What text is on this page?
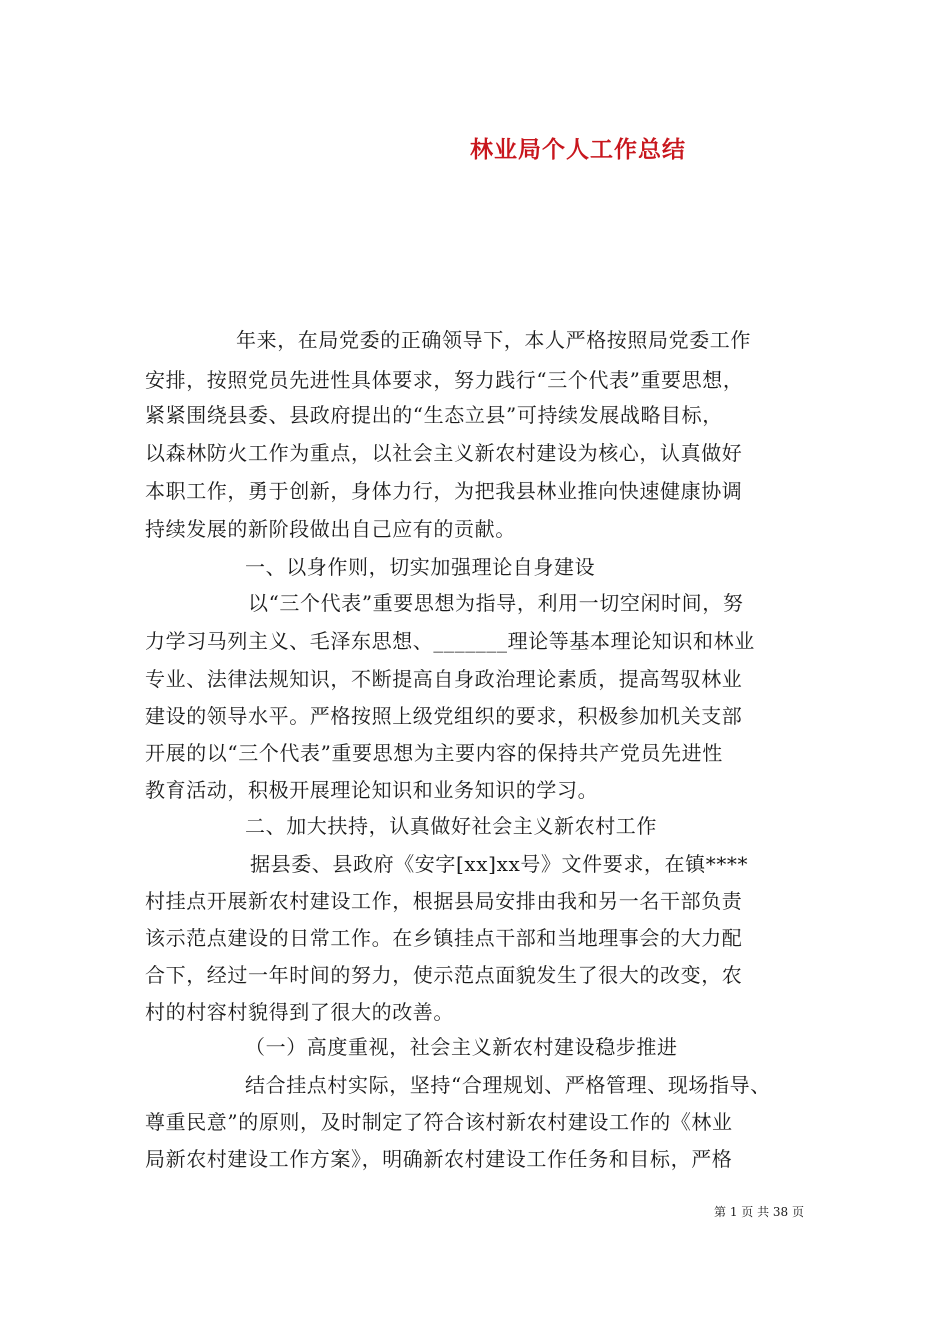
林业局个人工作总结
年来，在局党委的正确领导下，本人严格按照局党委工作
安排，按照党员先进性具体要求，努力践行“三个代表”重要思想，
紧紧围绕县委、县政府提出的“生态立县”可持续发展战略目标，
以森林防火工作为重点，以社会主义新农村建设为核心，认真做好
本职工作，勇于创新，身体力行，为把我县林业推向快速健康协调
持续发展的新阶段做出自己应有的贡献。
一、以身作则，切实加强理论自身建设
以“三个代表”重要思想为指导，利用一切空闲时间，努
力学习马列主义、毛泽东思想、_______理论等基本理论知识和林业
专业、法律法规知识，不断提高自身政治理论素质，提高驾驭林业
建设的领导水平。严格按照上级党组织的要求，积极参加机关支部
开展的以“三个代表”重要思想为主要内容的保持共产党员先进性
教育活动，积极开展理论知识和业务知识的学习。
二、加大扶持，认真做好社会主义新农村工作
据县委、县政府《安字[xx]xx号》文件要求，在镇****
村挂点开展新农村建设工作，根据县局安排由我和另一名干部负责
该示范点建设的日常工作。在乡镇挂点干部和当地理事会的大力配
合下，经过一年时间的努力，使示范点面貌发生了很大的改变，农
村的村容村貌得到了很大的改善。
（一）高度重视，社会主义新农村建设稳步推进
结合挂点村实际，坚持“合理规划、严格管理、现场指导、
尊重民意”的原则，及时制定了符合该村新农村建设工作的《林业
局新农村建设工作方案》，明确新农村建设工作任务和目标，严格
第 1 页 共 38 页
